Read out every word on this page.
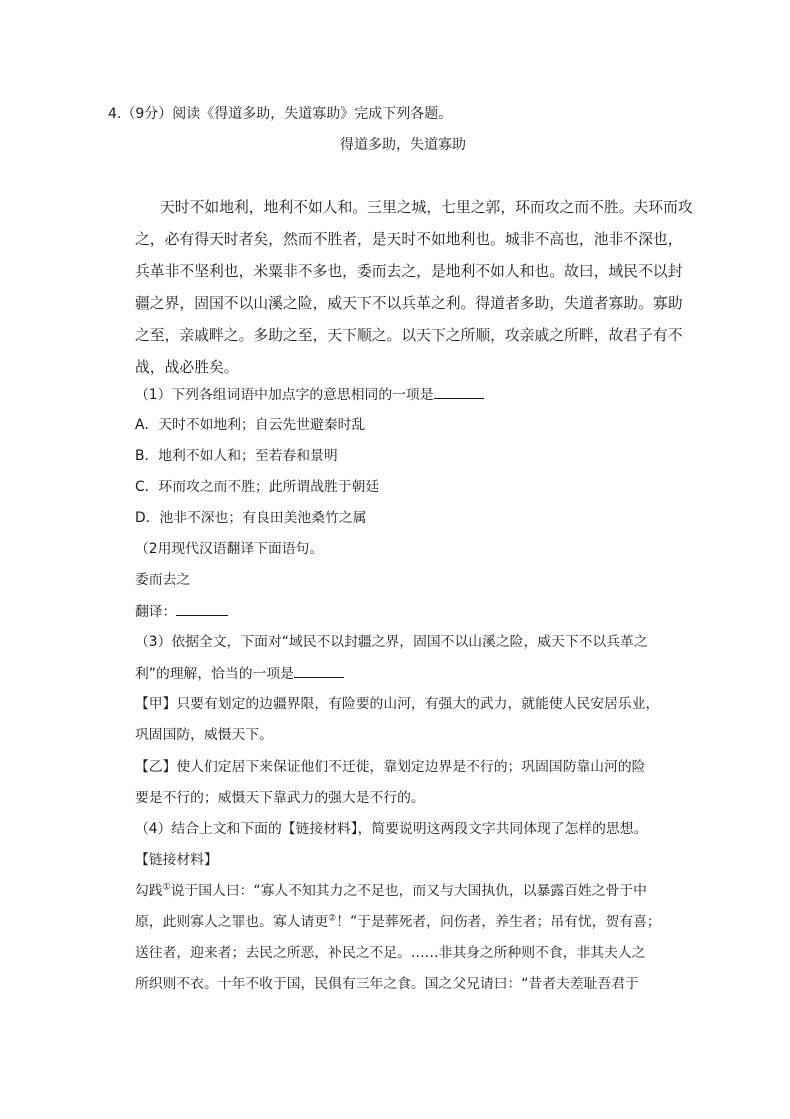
4.（9分）阅读《得道多助，失道寡助》完成下列各题。
得道多助，失道寡助
天时不如地利，地利不如人和。三里之城，七里之郭，环而攻之而不胜。夫环而攻
之，必有得天时者矣，然而不胜者，是天时不如地利也。城非不高也，池非不深也，
兵革非不坚利也，米粟非不多也，委而去之，是地利不如人和也。故曰，域民不以封
疆之界，固国不以山溪之险，威天下不以兵革之利。得道者多助，失道者寡助。寡助
之至，亲戚畔之。多助之至，天下顺之。以天下之所顺，攻亲戚之所畔，故君子有不
战，战必胜矣。
（1）下列各组词语中加点字的意思相同的一项是
A．天时不如地利；自云先世避秦时乱
B．地利不如人和；至若春和景明
C．环而攻之而不胜；此所谓战胜于朝廷
D．池非不深也；有良田美池桑竹之属
（2用现代汉语翻译下面语句。
委而去之
翻译：
（3）依据全文，下面对“域民不以封疆之界，固国不以山溪之险，威天下不以兵革之
利”的理解，恰当的一项是
【甲】只要有划定的边疆界限，有险要的山河，有强大的武力，就能使人民安居乐业，
巩固国防，威慑天下。
【乙】使人们定居下来保证他们不迁徙，靠划定边界是不行的；巩固国防靠山河的险
要是不行的；威慑天下靠武力的强大是不行的。
（4）结合上文和下面的【链接材料】，简要说明这两段文字共同体现了怎样的思想。
【链接材料】
勾践①说于国人曰：“寡人不知其力之不足也，而又与大国执仇，以暴露百姓之骨于中
原，此则寡人之罪也。寡人请更②！”于是葬死者，问伤者，养生者；吊有忧，贺有喜；
送往者，迎来者；去民之所恶，补民之不足。……非其身之所种则不食，非其夫人之
所织则不衣。十年不收于国，民俱有三年之食。国之父兄请曰：“昔者夫差耻吾君于
